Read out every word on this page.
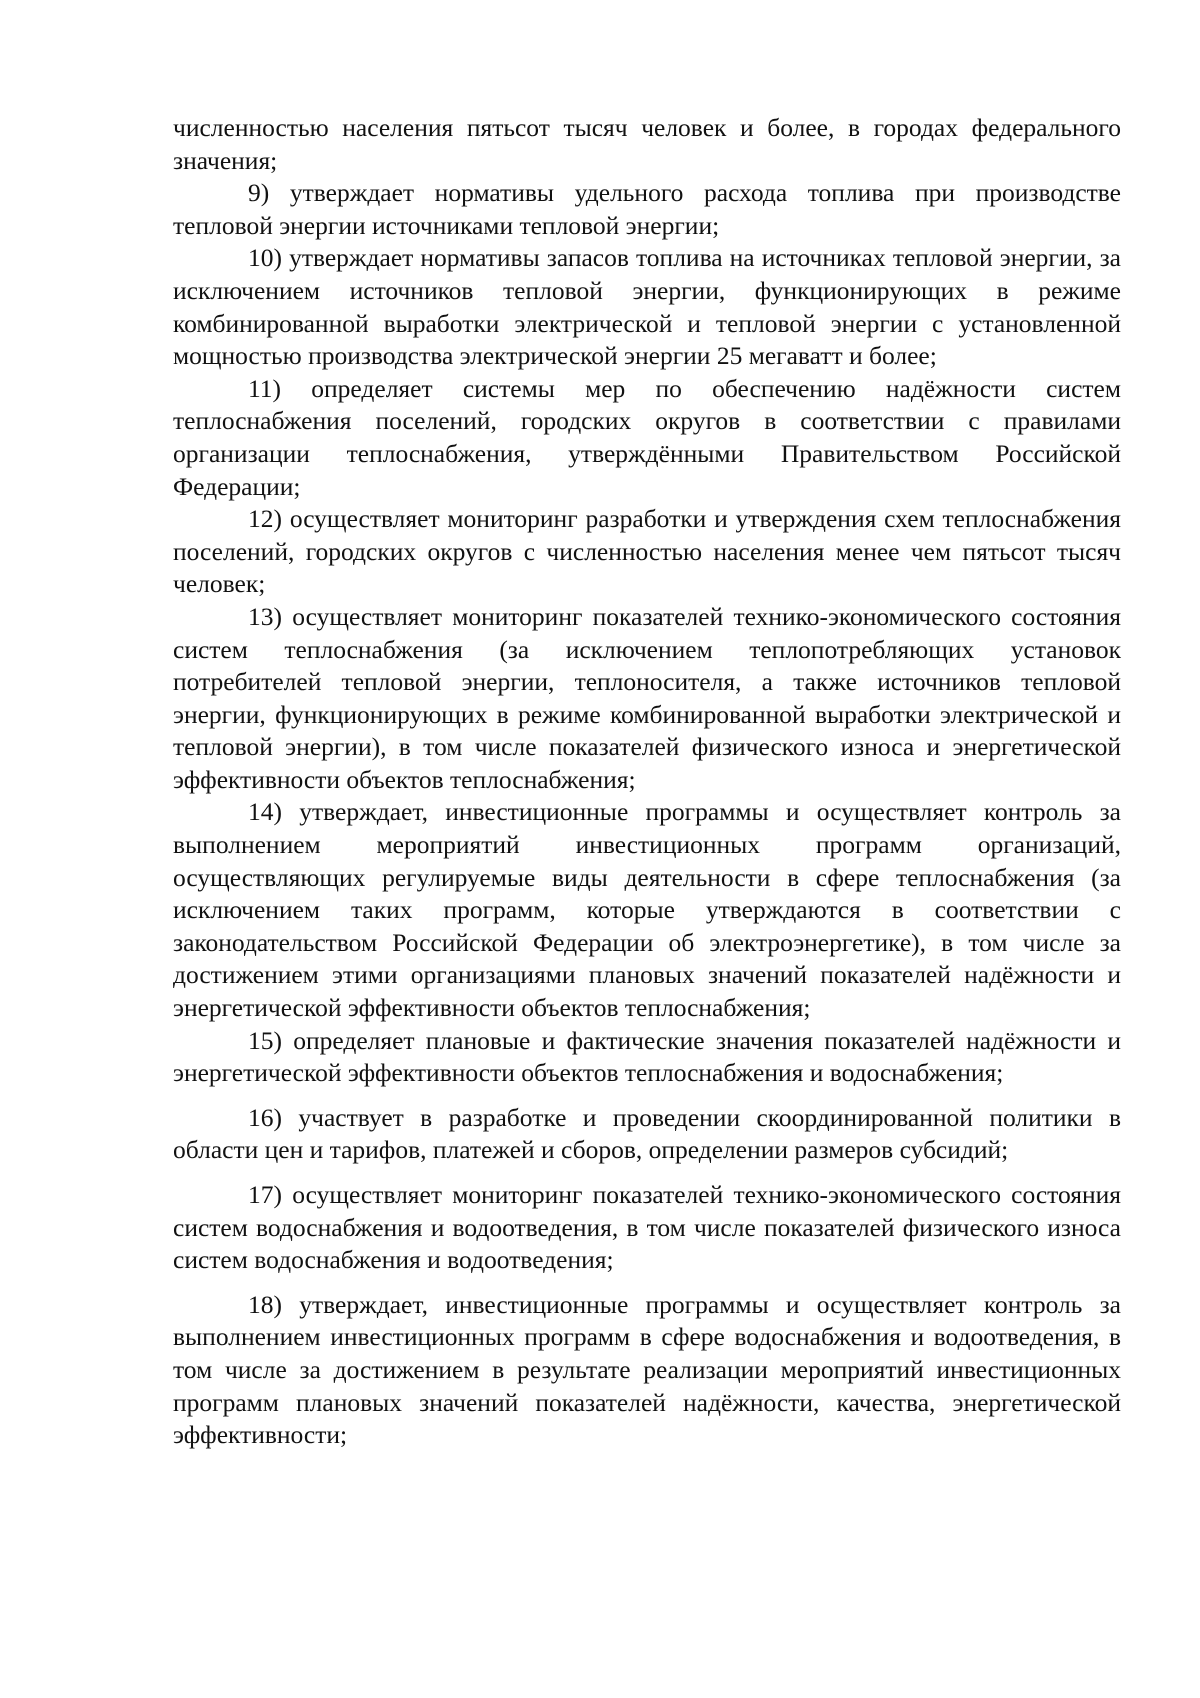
численностью населения пятьсот тысяч человек и более, в городах федерального значения;

9) утверждает нормативы удельного расхода топлива при производстве тепловой энергии источниками тепловой энергии;

10) утверждает нормативы запасов топлива на источниках тепловой энергии, за исключением источников тепловой энергии, функционирующих в режиме комбинированной выработки электрической и тепловой энергии с установленной мощностью производства электрической энергии 25 мегаватт и более;

11) определяет системы мер по обеспечению надёжности систем теплоснабжения поселений, городских округов в соответствии с правилами организации теплоснабжения, утверждёнными Правительством Российской Федерации;

12) осуществляет мониторинг разработки и утверждения схем теплоснабжения поселений, городских округов с численностью населения менее чем пятьсот тысяч человек;

13) осуществляет мониторинг показателей технико-экономического состояния систем теплоснабжения (за исключением теплопотребляющих установок потребителей тепловой энергии, теплоносителя, а также источников тепловой энергии, функционирующих в режиме комбинированной выработки электрической и тепловой энергии), в том числе показателей физического износа и энергетической эффективности объектов теплоснабжения;

14) утверждает, инвестиционные программы и осуществляет контроль за выполнением мероприятий инвестиционных программ организаций, осуществляющих регулируемые виды деятельности в сфере теплоснабжения (за исключением таких программ, которые утверждаются в соответствии с законодательством Российской Федерации об электроэнергетике), в том числе за достижением этими организациями плановых значений показателей надёжности и энергетической эффективности объектов теплоснабжения;

15) определяет плановые и фактические значения показателей надёжности и энергетической эффективности объектов теплоснабжения и водоснабжения;

16) участвует в разработке и проведении скоординированной политики в области цен и тарифов, платежей и сборов, определении размеров субсидий;

17) осуществляет мониторинг показателей технико-экономического состояния систем водоснабжения и водоотведения, в том числе показателей физического износа систем водоснабжения и водоотведения;

18) утверждает, инвестиционные программы и осуществляет контроль за выполнением инвестиционных программ в сфере водоснабжения и водоотведения, в том числе за достижением в результате реализации мероприятий инвестиционных программ плановых значений показателей надёжности, качества, энергетической эффективности;
